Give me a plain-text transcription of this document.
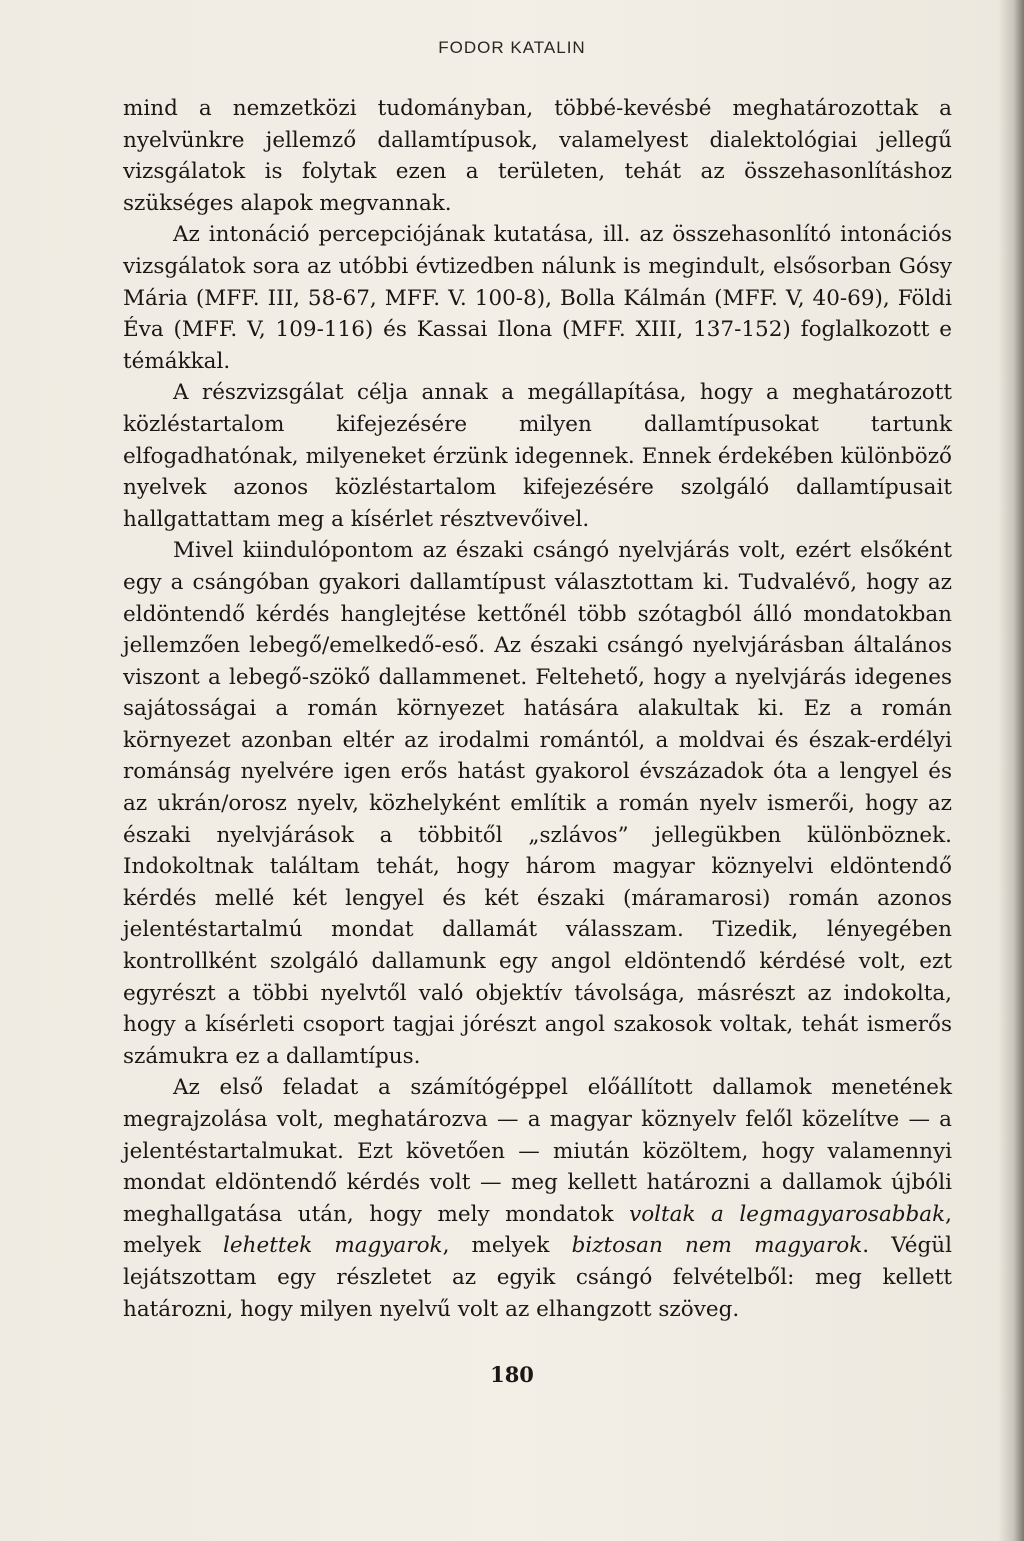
FODOR KATALIN

mind a nemzetközi tudományban, többé-kevésbé meghatározottak a nyelvünkre jellemző dallamtípusok, valamelyest dialektológiai jellegű vizsgálatok is folytak ezen a területen, tehát az összehasonlításhoz szükséges alapok megvannak.

Az intonáció percepciójának kutatása, ill. az összehasonlító intonációs vizsgálatok sora az utóbbi évtizedben nálunk is megindult, elsősorban Gósy Mária (MFF. III, 58-67, MFF. V. 100-8), Bolla Kálmán (MFF. V, 40-69), Földi Éva (MFF. V, 109-116) és Kassai Ilona (MFF. XIII, 137-152) foglalkozott e témákkal.

A részvizsgálat célja annak a megállapítása, hogy a meghatározott közléstartalom kifejezésére milyen dallamtípusokat tartunk elfogadhatónak, milyeneket érzünk idegennek. Ennek érdekében különböző nyelvek azonos közléstartalom kifejezésére szolgáló dallamtípusait hallgattattam meg a kísérlet résztvevőivel.

Mivel kiindulópontom az északi csángó nyelvjárás volt, ezért elsőként egy a csángóban gyakori dallamtípust választottam ki. Tudvalévő, hogy az eldöntendő kérdés hanglejtése kettőnél több szótagból álló mondatokban jellemzően lebegő/emelkedő-eső. Az északi csángó nyelvjárásban általános viszont a lebegő-szökő dallammenet. Feltehető, hogy a nyelvjárás idegenes sajátosságai a román környezet hatására alakultak ki. Ez a román környezet azonban eltér az irodalmi romántól, a moldvai és észak-erdélyi románság nyelvére igen erős hatást gyakorol évszázadok óta a lengyel és az ukrán/orosz nyelv, közhelyként említik a román nyelv ismerői, hogy az északi nyelvjárások a többitől „szlávos” jellegükben különböznek. Indokoltnak találtam tehát, hogy három magyar köznyelvi eldöntendő kérdés mellé két lengyel és két északi (máramarosi) román azonos jelentéstartalmú mondat dallamát válasszam. Tizedik, lényegében kontrollként szolgáló dallamunk egy angol eldöntendő kérdésé volt, ezt egyrészt a többi nyelvtől való objektív távolsága, másrészt az indokolta, hogy a kísérleti csoport tagjai jórészt angol szakosok voltak, tehát ismerős számukra ez a dallamtípus.

Az első feladat a számítógéppel előállított dallamok menetének megrajzolása volt, meghatározva — a magyar köznyelv felől közelítve — a jelentéstartalmukat. Ezt követően — miután közöltem, hogy valamennyi mondat eldöntendő kérdés volt — meg kellett határozni a dallamok újbóli meghallgatása után, hogy mely mondatok voltak a legmagyarosabbak, melyek lehettek magyarok, melyek biztosan nem magyarok. Végül lejátszottam egy részletet az egyik csángó felvételből: meg kellett határozni, hogy milyen nyelvű volt az elhangzott szöveg.

180
